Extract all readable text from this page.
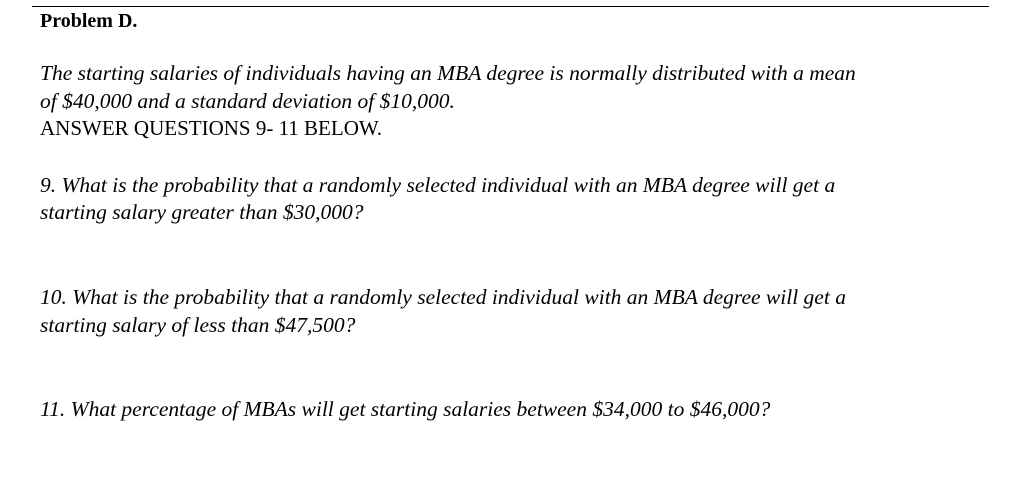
Problem D.
The starting salaries of individuals having an MBA degree is normally distributed with a mean
of $40,000 and a standard deviation of $10,000.
ANSWER QUESTIONS 9- 11 BELOW.
9. What is the probability that a randomly selected individual with an MBA degree will get a
starting salary greater than $30,000?
10. What is the probability that a randomly selected individual with an MBA degree will get a
starting salary of less than $47,500?
11. What percentage of MBAs will get starting salaries between $34,000 to $46,000?
